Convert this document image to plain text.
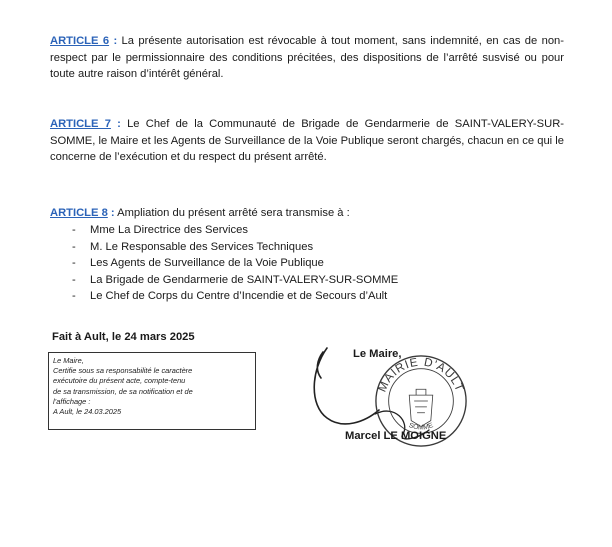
ARTICLE 6 : La présente autorisation est révocable à tout moment, sans indemnité, en cas de non-respect par le permissionnaire des conditions précitées, des dispositions de l’arrêté susvisé ou pour toute autre raison d’intérêt général.

ARTICLE 7 : Le Chef de la Communauté de Brigade de Gendarmerie de SAINT-VALERY-SUR-SOMME, le Maire et les Agents de Surveillance de la Voie Publique seront chargés, chacun en ce qui le concerne de l’exécution et du respect du présent arrêté.

ARTICLE 8 : Ampliation du présent arrêté sera transmise à :

- Mme La Directrice des Services
- M. Le Responsable des Services Techniques
- Les Agents de Surveillance de la Voie Publique
- La Brigade de Gendarmerie de SAINT-VALERY-SUR-SOMME
- Le Chef de Corps du Centre d’Incendie et de Secours d’Ault
Fait à Ault, le 24 mars 2025
Le Maire,
Certifie sous sa responsabilité le caractère
exécutoire du présent acte, compte-tenu
de sa transmission, de sa notification et de
l’affichage :
A Ault, le 24.03.2025
Le Maire,
MAIRIE D'AULT
SOMME
Marcel LE MOIGNE
